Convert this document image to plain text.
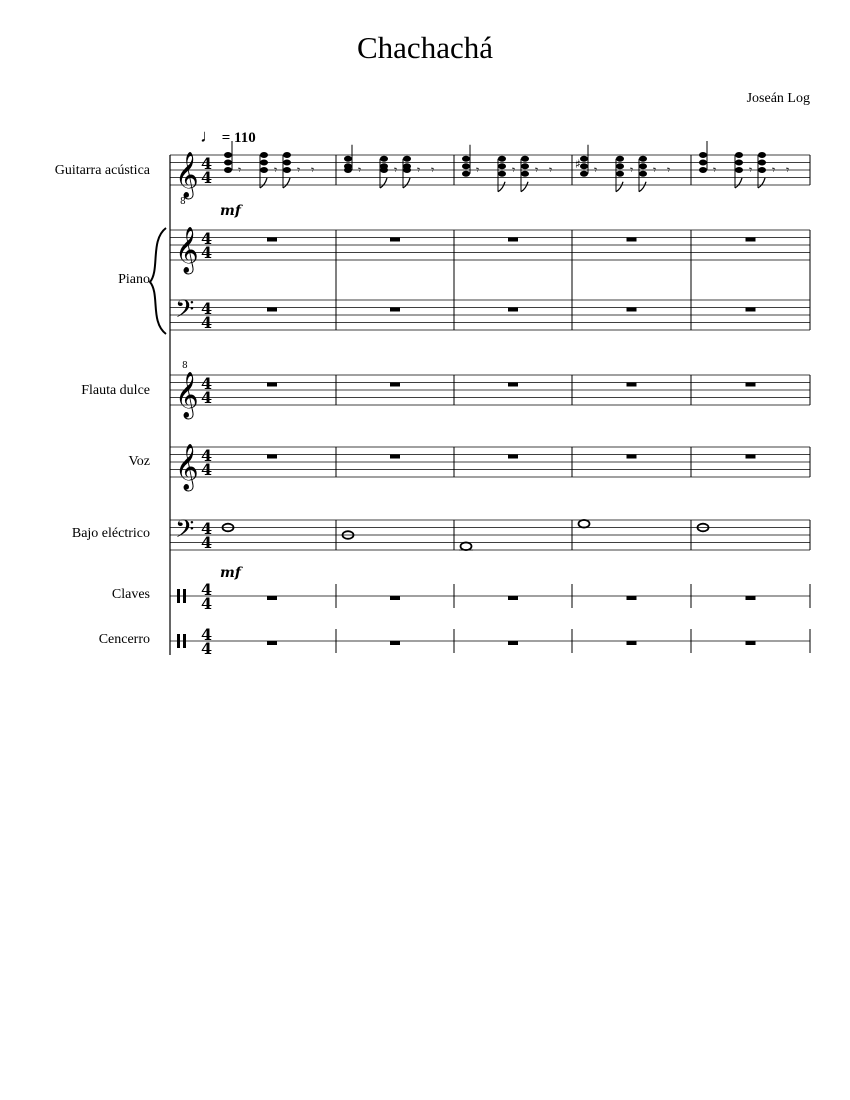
Chachachá
Joseán Log
♩ = 110
Guitarra acústica
Piano
Flauta dulce
Voz
Bajo eléctrico
Claves
Cencerro
mf
mf
𝄞
8
𝄞
𝄢
𝄞
8
𝄞
𝄢
4
4
4
4
4
4
4
4
4
4
4
4
4
4
4
4
𝄾	𝄾 𝄾 𝄾	𝄾	𝄾 𝄾 𝄾	𝄾	𝄾 𝄾 𝄾	𝄾	𝄾 𝄾 𝄾	𝄾	𝄾 𝄾 𝄾
♯
